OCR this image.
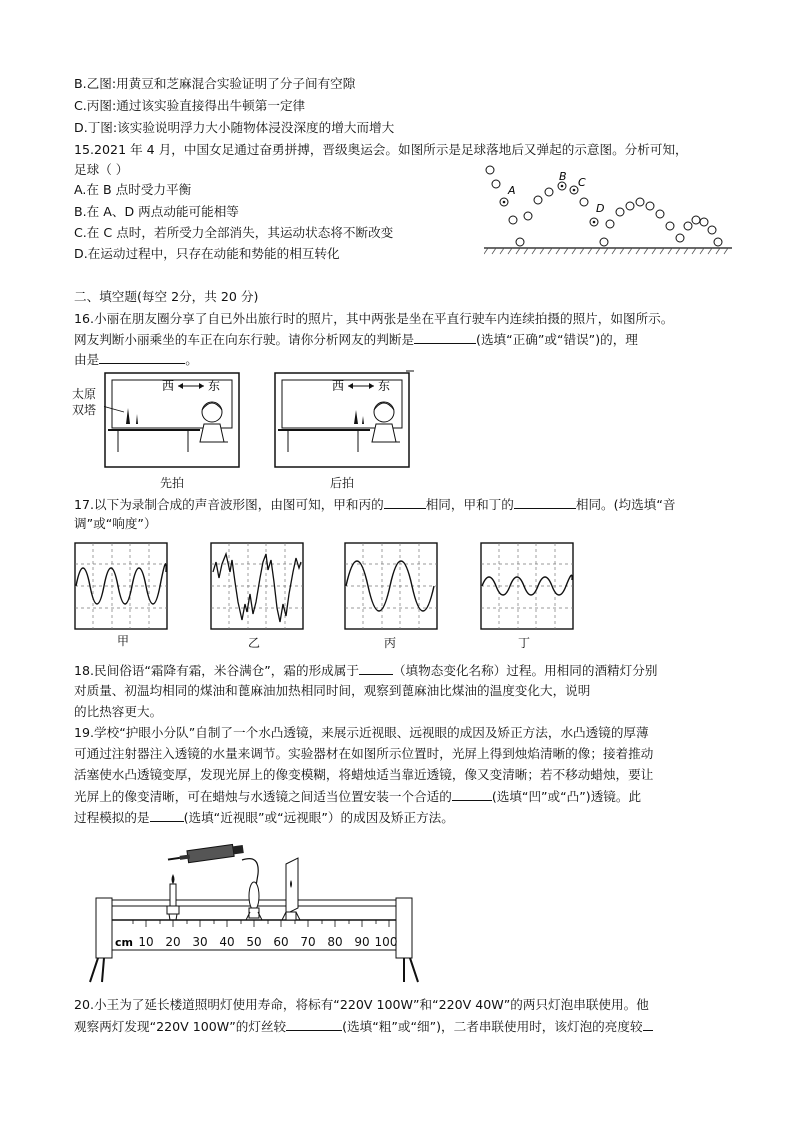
B.乙图:用黄豆和芝麻混合实验证明了分子间有空隙
C.丙图:通过该实验直接得出牛顿第一定律
D.丁图:该实验说明浮力大小随物体浸没深度的增大而增大
15.2021 年 4 月，中国女足通过奋勇拼搏，晋级奥运会。如图所示是足球落地后又弹起的示意图。分析可知，
足球（ ）
A.在 B 点时受力平衡
B.在 A、D 两点动能可能相等
C.在 C 点时，若所受力全部消失，其运动状态将不断改变
D.在运动过程中，只存在动能和势能的相互转化
A
B C
D
二、填空题(每空 2分，共 20 分)
16.小丽在朋友圈分享了自已外出旅行时的照片，其中两张是坐在平直行驶车内连续拍摄的照片，如图所示。
网友判断小丽乘坐的车正在向东行驶。请你分析网友的判断是	(选填“正确”或“错误”)的，理
由是	。
太原
双塔
西	东
先拍
西	东
后拍
17.以下为录制合成的声音波形图，由图可知，甲和丙的	相同，甲和丁的	相同。(均选填“音
调”或“响度”）
甲	乙	丙	丁
18.民间俗语“霜降有霜，米谷满仓”，霜的形成属于	（填物态变化名称）过程。用相同的酒精灯分别
对质量、初温均相同的煤油和蓖麻油加热相同时间，观察到蓖麻油比煤油的温度变化大，说明
的比热容更大。
19.学校“护眼小分队”自制了一个水凸透镜，来展示近视眼、远视眼的成因及矫正方法，水凸透镜的厚薄
可通过注射器注入透镜的水量来调节。实验器材在如图所示位置时，光屏上得到烛焰清晰的像；接着推动
活塞使水凸透镜变厚，发现光屏上的像变模糊，将蜡烛适当靠近透镜，像又变清晰；若不移动蜡烛，要让
光屏上的像变清晰，可在蜡烛与水透镜之间适当位置安装一个合适的	(选填“凹”或“凸”)透镜。此
过程模拟的是	(选填“近视眼”或“远视眼”）的成因及矫正方法。
cm 10 20 30 40 50 60 70 80 90 100
20.小王为了延长楼道照明灯使用寿命，将标有“220V 100W”和“220V 40W”的两只灯泡串联使用。他
观察两灯发现“220V 100W”的灯丝较	(选填“粗”或“细”)，二者串联使用时，该灯泡的亮度较
